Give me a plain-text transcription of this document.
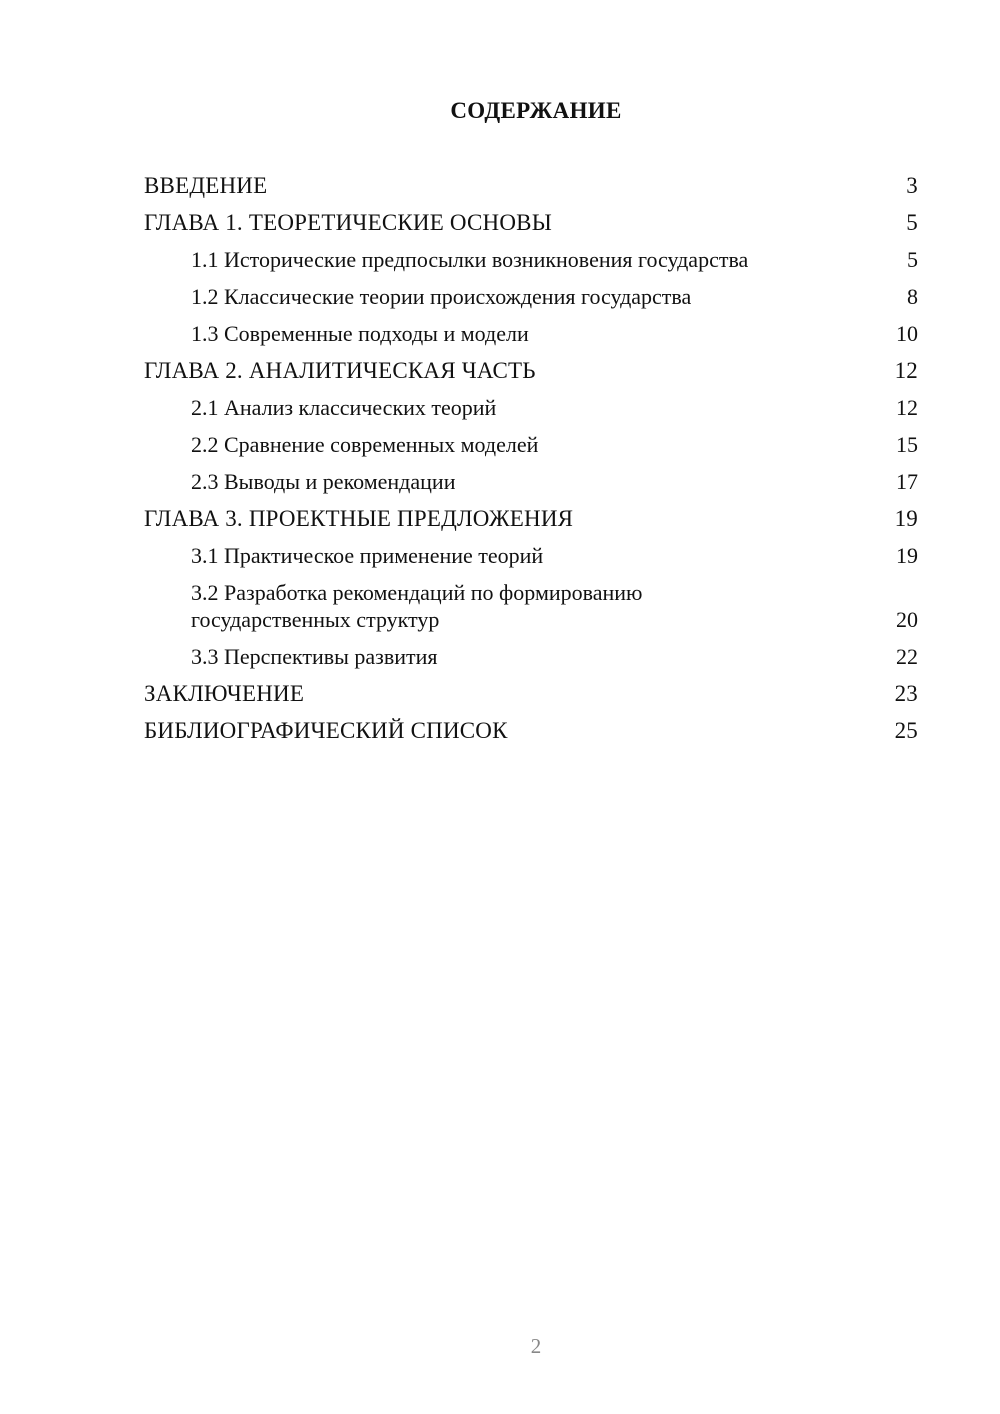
СОДЕРЖАНИЕ
ВВЕДЕНИЕ	3
ГЛАВА 1. ТЕОРЕТИЧЕСКИЕ ОСНОВЫ	5
1.1 Исторические предпосылки возникновения государства	5
1.2 Классические теории происхождения государства	8
1.3 Современные подходы и модели	10
ГЛАВА 2. АНАЛИТИЧЕСКАЯ ЧАСТЬ	12
2.1 Анализ классических теорий	12
2.2 Сравнение современных моделей	15
2.3 Выводы и рекомендации	17
ГЛАВА 3. ПРОЕКТНЫЕ ПРЕДЛОЖЕНИЯ	19
3.1 Практическое применение теорий	19
3.2 Разработка рекомендаций по формированию государственных структур	20
3.3 Перспективы развития	22
ЗАКЛЮЧЕНИЕ	23
БИБЛИОГРАФИЧЕСКИЙ СПИСОК	25
2
